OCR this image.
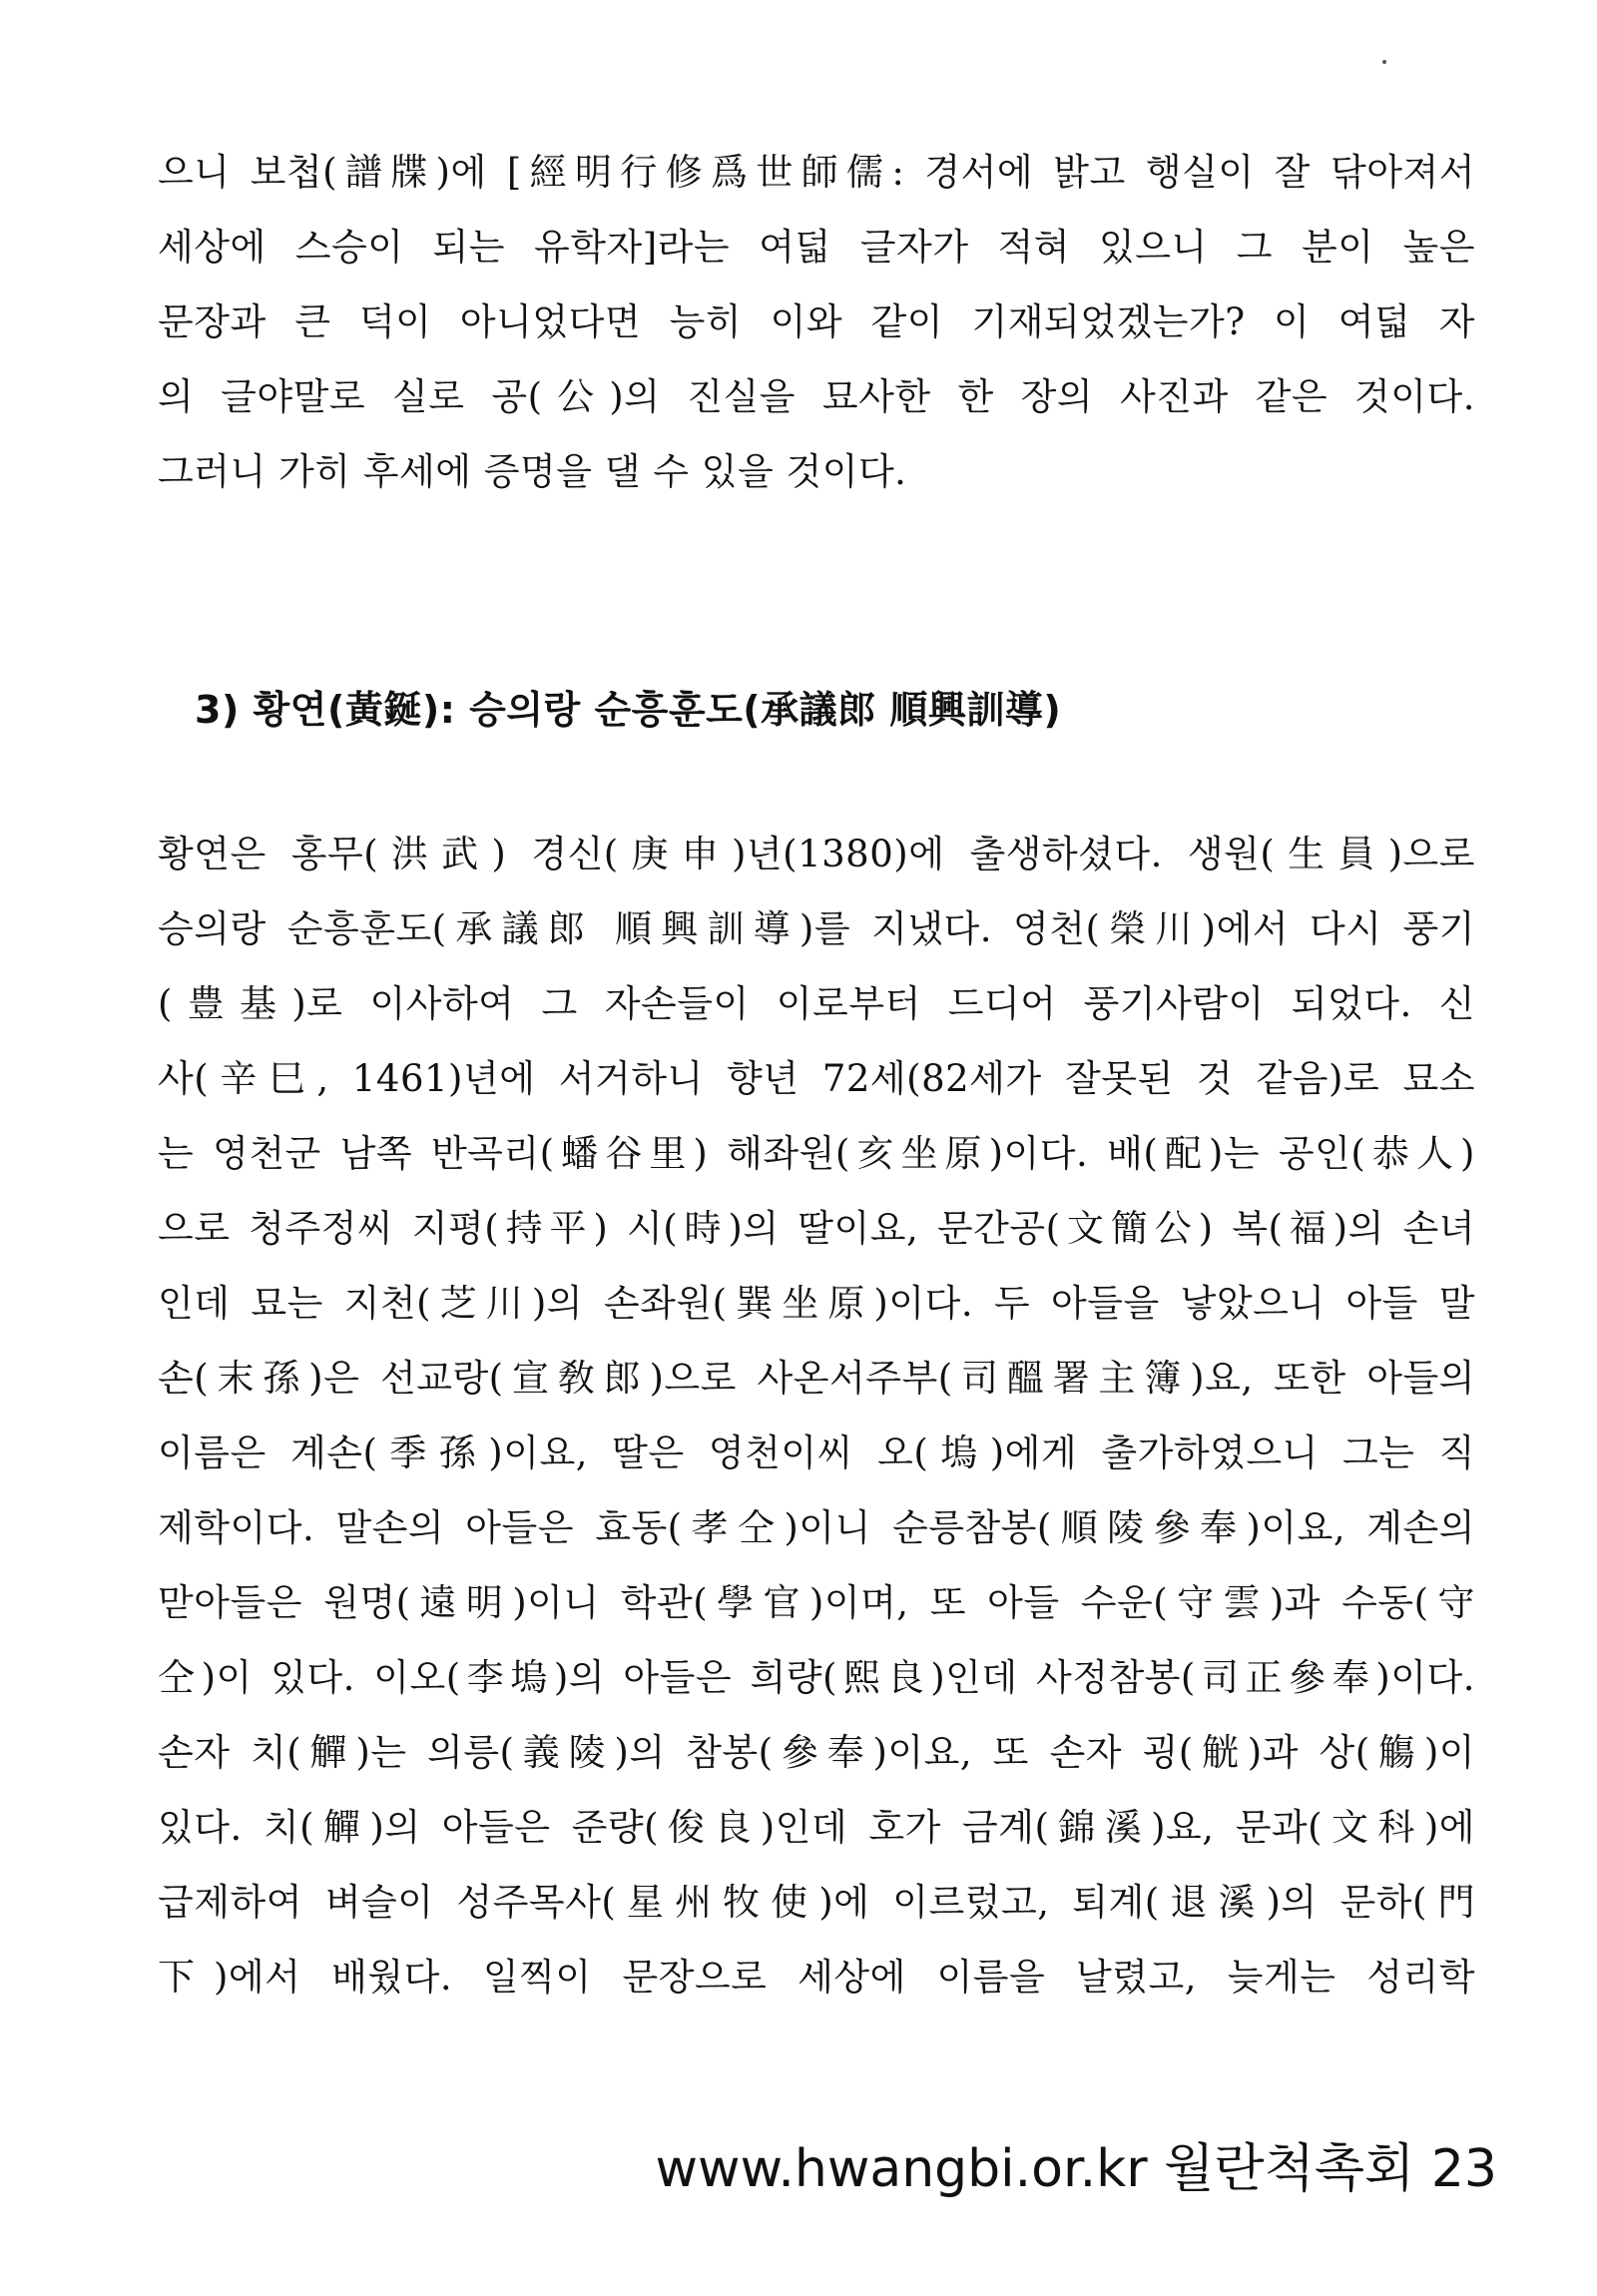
으니 보첩(譜牒)에 [經明行修爲世師儒: 경서에 밝고 행실이 잘 닦아져서
세상에 스승이 되는 유학자]라는 여덟 글자가 적혀 있으니 그 분이 높은
문장과 큰 덕이 아니었다면 능히 이와 같이 기재되었겠는가? 이 여덟 자
의 글야말로 실로 공(公)의 진실을 묘사한 한 장의 사진과 같은 것이다.
그러니 가히 후세에 증명을 댈 수 있을 것이다.

3) 황연(黃鋋): 승의랑 순흥훈도(承議郎 順興訓導)

황연은 홍무(洪武) 경신(庚申)년(1380)에 출생하셨다. 생원(生員)으로
승의랑 순흥훈도(承議郎 順興訓導)를 지냈다. 영천(榮川)에서 다시 풍기
(豊基)로 이사하여 그 자손들이 이로부터 드디어 풍기사람이 되었다. 신
사(辛巳, 1461)년에 서거하니 향년 72세(82세가 잘못된 것 같음)로 묘소
는 영천군 남쪽 반곡리(蟠谷里) 해좌원(亥坐原)이다. 배(配)는 공인(恭人)
으로 청주정씨 지평(持平) 시(時)의 딸이요, 문간공(文簡公) 복(福)의 손녀
인데 묘는 지천(芝川)의 손좌원(巽坐原)이다. 두 아들을 낳았으니 아들 말
손(末孫)은 선교랑(宣敎郎)으로 사온서주부(司醞署主簿)요, 또한 아들의
이름은 계손(季孫)이요, 딸은 영천이씨 오(塢)에게 출가하였으니 그는 직
제학이다. 말손의 아들은 효동(孝仝)이니 순릉참봉(順陵參奉)이요, 계손의
맏아들은 원명(遠明)이니 학관(學官)이며, 또 아들 수운(守雲)과 수동(守
仝)이 있다. 이오(李塢)의 아들은 희량(熙良)인데 사정참봉(司正參奉)이다.
손자 치(觶)는 의릉(義陵)의 참봉(參奉)이요, 또 손자 굉(觥)과 상(觴)이
있다. 치(觶)의 아들은 준량(俊良)인데 호가 금계(錦溪)요, 문과(文科)에
급제하여 벼슬이 성주목사(星州牧使)에 이르렀고, 퇴계(退溪)의 문하(門
下)에서 배웠다. 일찍이 문장으로 세상에 이름을 날렸고, 늦게는 성리학

www.hwangbi.or.kr 월란척촉회 23
